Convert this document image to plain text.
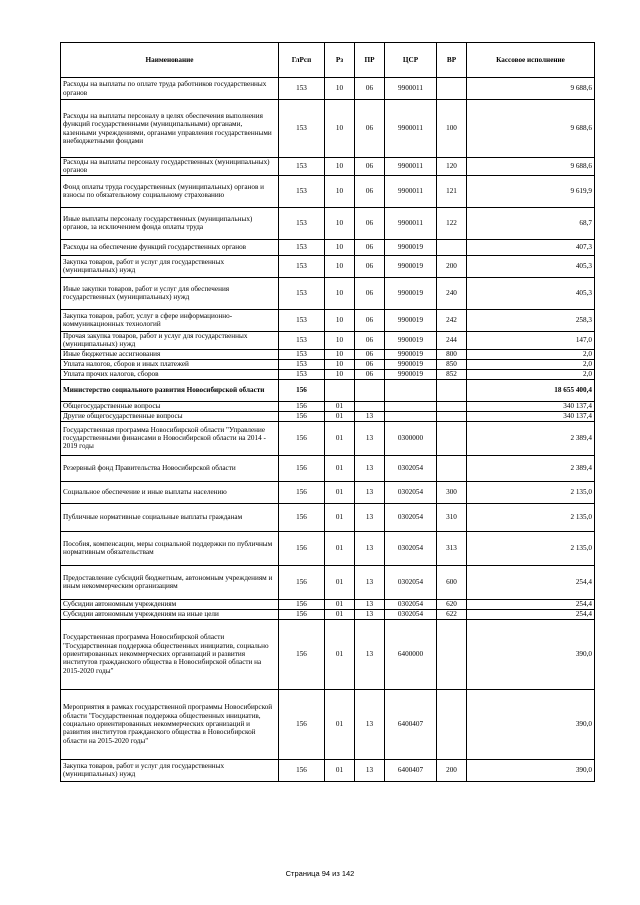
Наименование	ГлРсп	Рз	ПР	ЦСР	ВР	Кассовое исполнение
Расходы на выплаты по оплате труда работников государственных органов	153	10	06	9900011		9 688,6
Расходы на выплаты персоналу в целях обеспечения выполнения функций государственными (муниципальными) органами, казенными учреждениями, органами управления государственными внебюджетными фондами	153	10	06	9900011	100	9 688,6
Расходы на выплаты персоналу государственных (муниципальных) органов	153	10	06	9900011	120	9 688,6
Фонд оплаты труда государственных (муниципальных) органов и взносы по обязательному социальному страхованию	153	10	06	9900011	121	9 619,9
Иные выплаты персоналу государственных (муниципальных) органов, за исключением фонда оплаты труда	153	10	06	9900011	122	68,7
Расходы на обеспечение функций государственных органов	153	10	06	9900019		407,3
Закупка товаров, работ и услуг для государственных (муниципальных) нужд	153	10	06	9900019	200	405,3
Иные закупки товаров, работ и услуг для обеспечения государственных (муниципальных) нужд	153	10	06	9900019	240	405,3
Закупка товаров, работ, услуг в сфере информационно-коммуникационных технологий	153	10	06	9900019	242	258,3
Прочая закупка товаров, работ и услуг для государственных (муниципальных) нужд	153	10	06	9900019	244	147,0
Иные бюджетные ассигнования	153	10	06	9900019	800	2,0
Уплата налогов, сборов и иных платежей	153	10	06	9900019	850	2,0
Уплата прочих налогов, сборов	153	10	06	9900019	852	2,0
Министерство социального развития Новосибирской области	156					18 655 400,4
Общегосударственные вопросы	156	01				340 137,4
Другие общегосударственные вопросы	156	01	13			340 137,4
Государственная программа Новосибирской области "Управление государственными финансами в Новосибирской области на 2014 - 2019 годы	156	01	13	0300000		2 389,4
Резервный фонд Правительства Новосибирской области	156	01	13	0302054		2 389,4
Социальное обеспечение и иные выплаты населению	156	01	13	0302054	300	2 135,0
Публичные нормативные социальные выплаты гражданам	156	01	13	0302054	310	2 135,0
Пособия, компенсации, меры социальной поддержки по публичным нормативным обязательствам	156	01	13	0302054	313	2 135,0
Предоставление субсидий бюджетным, автономным учреждениям и иным некоммерческим организациям	156	01	13	0302054	600	254,4
Субсидии автономным учреждениям	156	01	13	0302054	620	254,4
Субсидии автономным учреждениям на иные цели	156	01	13	0302054	622	254,4
Государственная программа Новосибирской области "Государственная поддержка общественных инициатив, социально ориентированных некоммерческих организаций и развития институтов гражданского общества в Новосибирской области на 2015-2020 годы"	156	01	13	6400000		390,0
Мероприятия в рамках государственной программы Новосибирской области "Государственная поддержка общественных инициатив, социально ориентированных некоммерческих организаций и развития институтов гражданского общества в Новосибирской области на 2015-2020 годы"	156	01	13	6400407		390,0
Закупка товаров, работ и услуг для государственных (муниципальных) нужд	156	01	13	6400407	200	390,0
Страница 94 из 142
